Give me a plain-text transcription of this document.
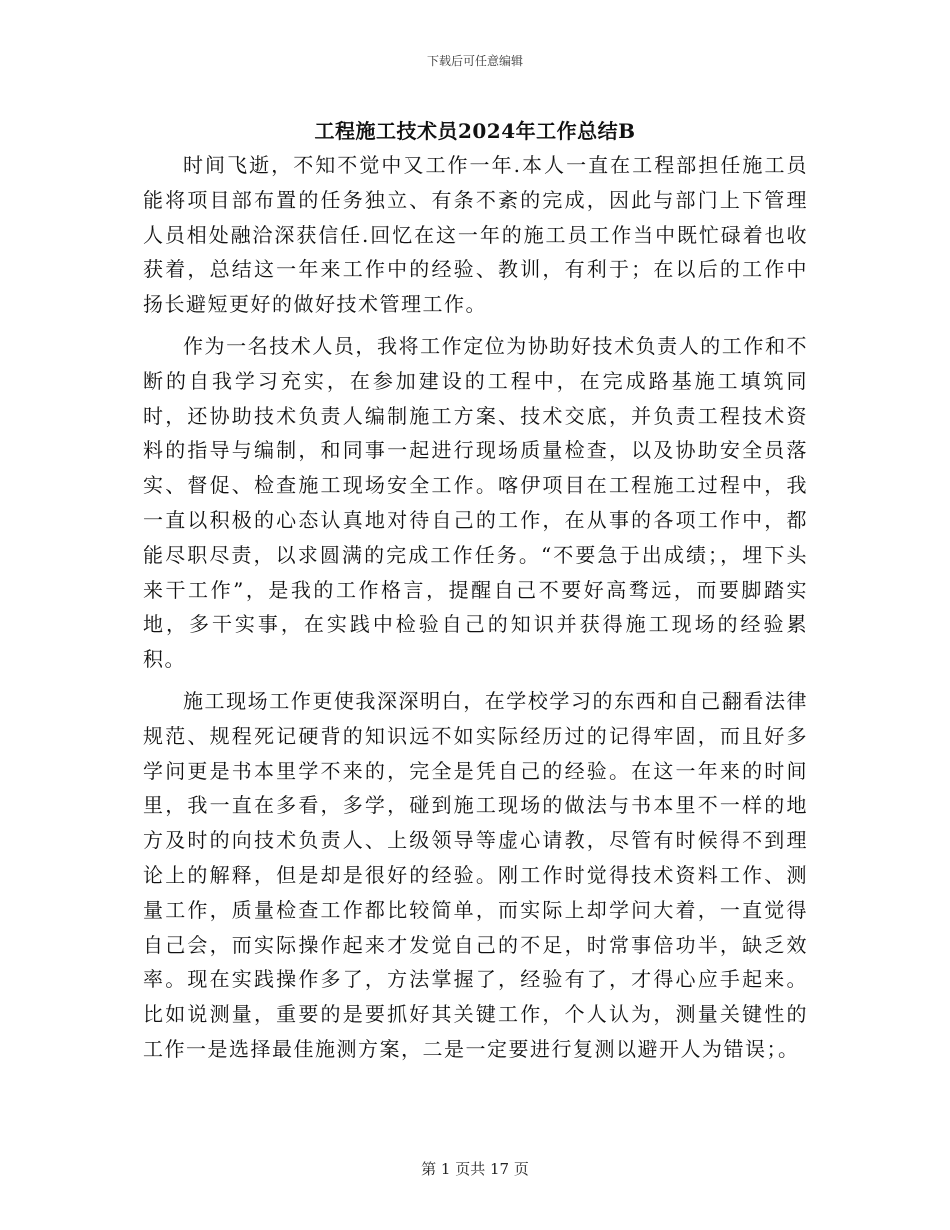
下载后可任意编辑
工程施工技术员2024年工作总结B

时间飞逝，不知不觉中又工作一年.本人一直在工程部担任施工员能将项目部布置的任务独立、有条不紊的完成，因此与部门上下管理人员相处融洽深获信任.回忆在这一年的施工员工作当中既忙碌着也收获着，总结这一年来工作中的经验、教训，有利于；在以后的工作中扬长避短更好的做好技术管理工作。

作为一名技术人员，我将工作定位为协助好技术负责人的工作和不断的自我学习充实，在参加建设的工程中，在完成路基施工填筑同时，还协助技术负责人编制施工方案、技术交底，并负责工程技术资料的指导与编制，和同事一起进行现场质量检查，以及协助安全员落实、督促、检查施工现场安全工作。喀伊项目在工程施工过程中，我一直以积极的心态认真地对待自己的工作，在从事的各项工作中，都能尽职尽责，以求圆满的完成工作任务。“不要急于出成绩；，埋下头来干工作”，是我的工作格言，提醒自己不要好高骛远，而要脚踏实地，多干实事，在实践中检验自己的知识并获得施工现场的经验累积。

施工现场工作更使我深深明白，在学校学习的东西和自己翻看法律规范、规程死记硬背的知识远不如实际经历过的记得牢固，而且好多学问更是书本里学不来的，完全是凭自己的经验。在这一年来的时间里，我一直在多看，多学，碰到施工现场的做法与书本里不一样的地方及时的向技术负责人、上级领导等虚心请教，尽管有时候得不到理论上的解释，但是却是很好的经验。刚工作时觉得技术资料工作、测量工作，质量检查工作都比较简单，而实际上却学问大着，一直觉得自己会，而实际操作起来才发觉自己的不足，时常事倍功半，缺乏效率。现在实践操作多了，方法掌握了，经验有了，才得心应手起来。比如说测量，重要的是要抓好其关键工作，个人认为，测量关键性的工作一是选择最佳施测方案，二是一定要进行复测以避开人为错误；。

第 1 页共 17 页
